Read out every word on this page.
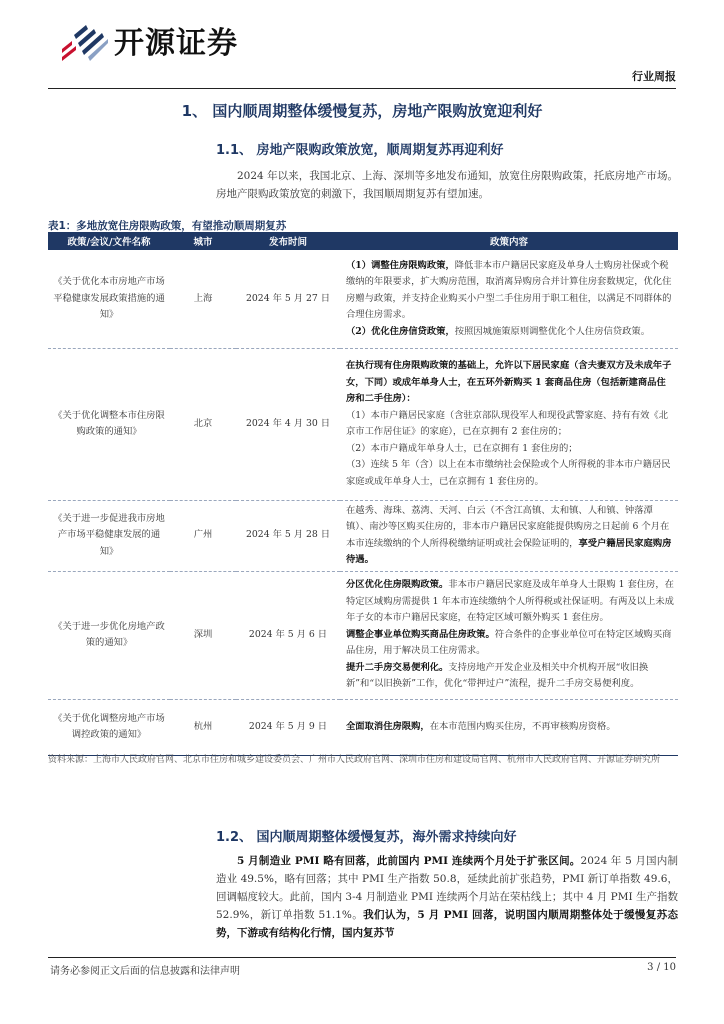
开源证券
行业周报
1、 国内顺周期整体缓慢复苏，房地产限购放宽迎利好
1.1、 房地产限购政策放宽，顺周期复苏再迎利好

2024 年以来，我国北京、上海、深圳等多地发布通知，放宽住房限购政策，托底房地产市场。房地产限购政策放宽的刺激下，我国顺周期复苏有望加速。

表1：多地放宽住房限购政策，有望推动顺周期复苏
政策/会议/文件名称	城市	发布时间	政策内容
《关于优化本市房地产市场平稳健康发展政策措施的通知》	上海	2024 年 5 月 27 日	（1）调整住房限购政策，降低非本市户籍居民家庭及单身人士购房社保或个税缴纳的年限要求，扩大购房范围，取消离异购房合并计算住房套数规定，优化住房赠与政策，并支持企业购买小户型二手住房用于职工租住，以满足不同群体的合理住房需求。
（2）优化住房信贷政策，按照因城施策原则调整优化个人住房信贷政策。

《关于优化调整本市住房限购政策的通知》	北京	2024 年 4 月 30 日	在执行现有住房限购政策的基础上，允许以下居民家庭（含夫妻双方及未成年子女，下同）或成年单身人士，在五环外新购买 1 套商品住房（包括新建商品住房和二手住房）：
（1）本市户籍居民家庭（含驻京部队现役军人和现役武警家庭、持有有效《北京市工作居住证》的家庭），已在京拥有 2 套住房的；
（2）本市户籍成年单身人士，已在京拥有 1 套住房的；
（3）连续 5 年（含）以上在本市缴纳社会保险或个人所得税的非本市户籍居民家庭或成年单身人士，已在京拥有 1 套住房的。

《关于进一步促进我市房地产市场平稳健康发展的通知》	广州	2024 年 5 月 28 日	在越秀、海珠、荔湾、天河、白云（不含江高镇、太和镇、人和镇、钟落潭镇）、南沙等区购买住房的，非本市户籍居民家庭能提供购房之日起前 6 个月在本市连续缴纳的个人所得税缴纳证明或社会保险证明的，享受户籍居民家庭购房待遇。

《关于进一步优化房地产政策的通知》	深圳	2024 年 5 月 6 日	分区优化住房限购政策。非本市户籍居民家庭及成年单身人士限购 1 套住房，在特定区域购房需提供 1 年本市连续缴纳个人所得税或社保证明。有两及以上未成年子女的本市户籍居民家庭，在特定区域可额外购买 1 套住房。
调整企事业单位购买商品住房政策。符合条件的企事业单位可在特定区域购买商品住房，用于解决员工住房需求。
提升二手房交易便利化。支持房地产开发企业及相关中介机构开展“收旧换新”和“以旧换新”工作，优化“带押过户”流程，提升二手房交易便利度。

《关于优化调整房地产市场调控政策的通知》	杭州	2024 年 5 月 9 日	全面取消住房限购，在本市范围内购买住房，不再审核购房资格。
资料来源：上海市人民政府官网、北京市住房和城乡建设委员会、广州市人民政府官网、深圳市住房和建设局官网、杭州市人民政府官网、开源证券研究所
1.2、 国内顺周期整体缓慢复苏，海外需求持续向好

5 月制造业 PMI 略有回落，此前国内 PMI 连续两个月处于扩张区间。2024 年 5 月国内制造业 49.5%，略有回落；其中 PMI 生产指数 50.8，延续此前扩张趋势，PMI 新订单指数 49.6，回调幅度较大。此前，国内 3-4 月制造业 PMI 连续两个月站在荣枯线上；其中 4 月 PMI 生产指数 52.9%，新订单指数 51.1%。我们认为，5 月 PMI 回落，说明国内顺周期整体处于缓慢复苏态势，下游或有结构化行情，国内复苏节

请务必参阅正文后面的信息披露和法律声明	3 / 10
